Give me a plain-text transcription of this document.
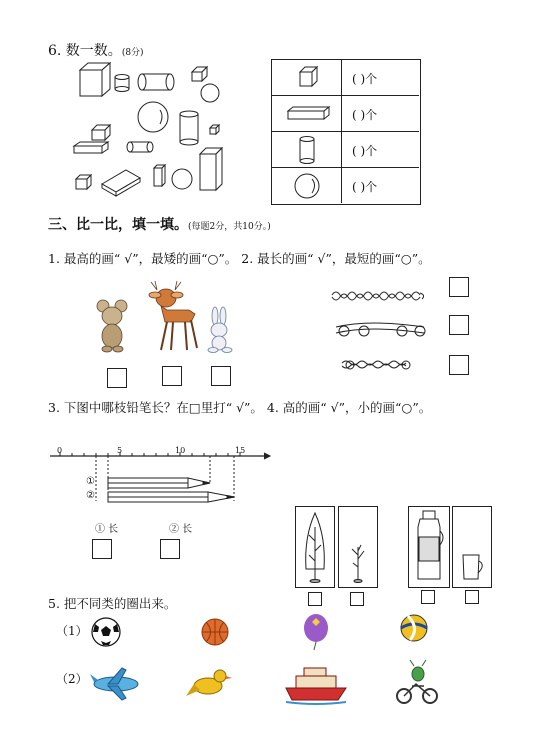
6. 数一数。(8分)
( )个
( )个
( )个
( )个
三、比一比，填一填。(每题2分，共10分。)
1. 最高的画“ √”，最矮的画“○”。 2. 最长的画“ √”，最短的画“○”。
3. 下图中哪枝铅笔长？在□里打“ √”。 4. 高的画“ √”，小的画“○”。
0	5	10	15
①
②
① 长	② 长
5. 把不同类的圈出来。
（1）
（2）
